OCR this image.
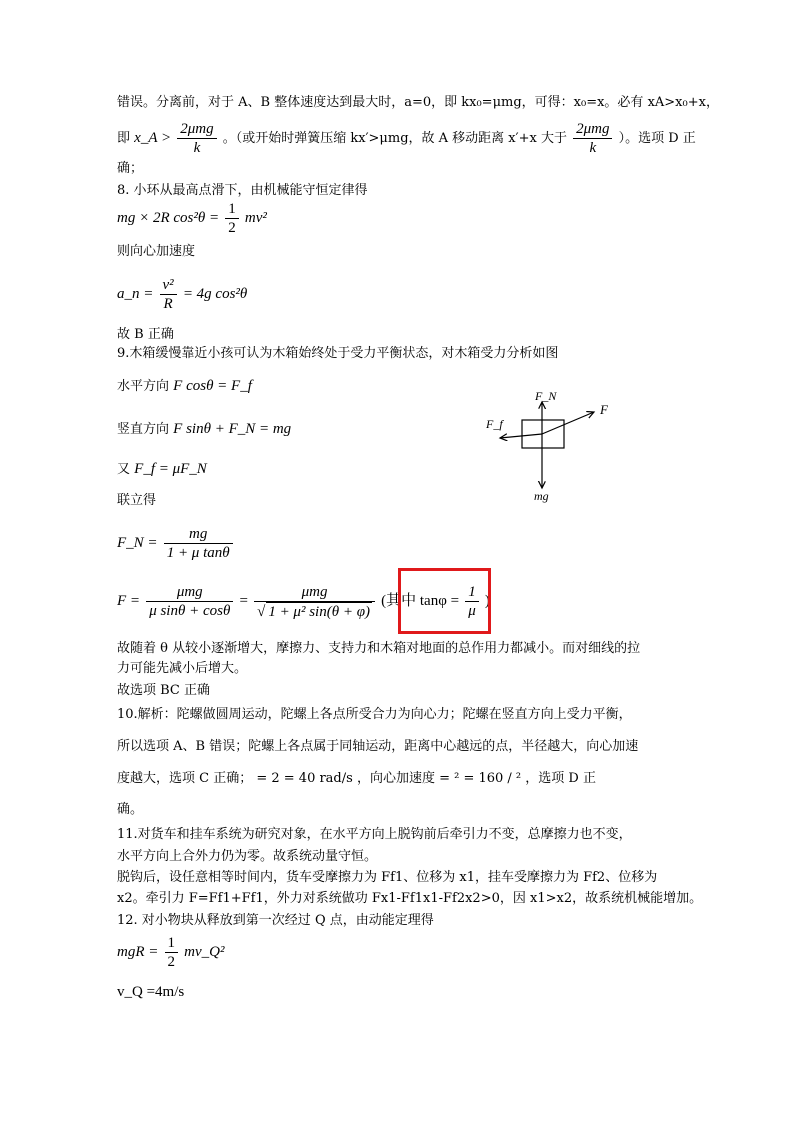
错误。分离前，对于 A、B 整体速度达到最大时，a=0，即 kx₀=μmg，可得：x₀=x。必有 xA>x₀+x，
即 x_A > $\frac{\text{2μmg}}{k}$ 。（或开始时弹簧压缩 kx′>μmg，故 A 移动距离 x′+x 大于 $\frac{\text{2μmg}}{k}$ ）。选项 D 正
确；
8. 小环从最高点滑下，由机械能守恒定律得
mg × 2R $\cos^2\theta = \frac{1}{2} mv^2$
则向心加速度
a_n = $\frac{\text{v²}}{R} = 4g$ cos²θ
故 B 正确
9.木箱缓慢靠近小孩可认为木箱始终处于受力平衡状态，对木箱受力分析如图
水平方向 F cosθ = F_f
竖直方向 F sinθ + F_N = mg
又 F_f = μF_N
联立得
F_N = $\frac{mg}{\text{1 + μ tanθ}}$
$F = \frac{\text{μmg}}{\text{μ sinθ + cosθ}} = \frac{\text{μmg}}{\text{√ 1 + μ² sin(θ + φ)}}$ (其中 $\tan\varphi = \frac{1}{\mu}$ )
故随着 θ 从较小逐渐增大，摩擦力、支持力和木箱对地面的总作用力都减小。而对细线的拉
力可能先减小后增大。
故选项 BC 正确
F_N
F
F_f
mg
10.解析：陀螺做圆周运动，陀螺上各点所受合力为向心力；陀螺在竖直方向上受力平衡，
所以选项 A、B 错误；陀螺上各点属于同轴运动，距离中心越远的点，半径越大，向心加速
度越大，选项 C 正确； = 2 = 40 rad/s ，向心加速度 = ² = 160 / ² ，选项 D 正
确。
11.对货车和挂车系统为研究对象，在水平方向上脱钩前后牵引力不变，总摩擦力也不变，
水平方向上合外力仍为零。故系统动量守恒。
脱钩后，设任意相等时间内，货车受摩擦力为 Ff1、位移为 x1，挂车受摩擦力为 Ff2、位移为
x2。牵引力 F=Ff1+Ff1，外力对系统做功 Fx1-Ff1x1-Ff2x2>0，因 x1>x2，故系统机械能增加。
12. 对小物块从释放到第一次经过 Q 点，由动能定理得
mgR = $\frac{1}{2}$ mv_Q²
v_Q =4m/s
